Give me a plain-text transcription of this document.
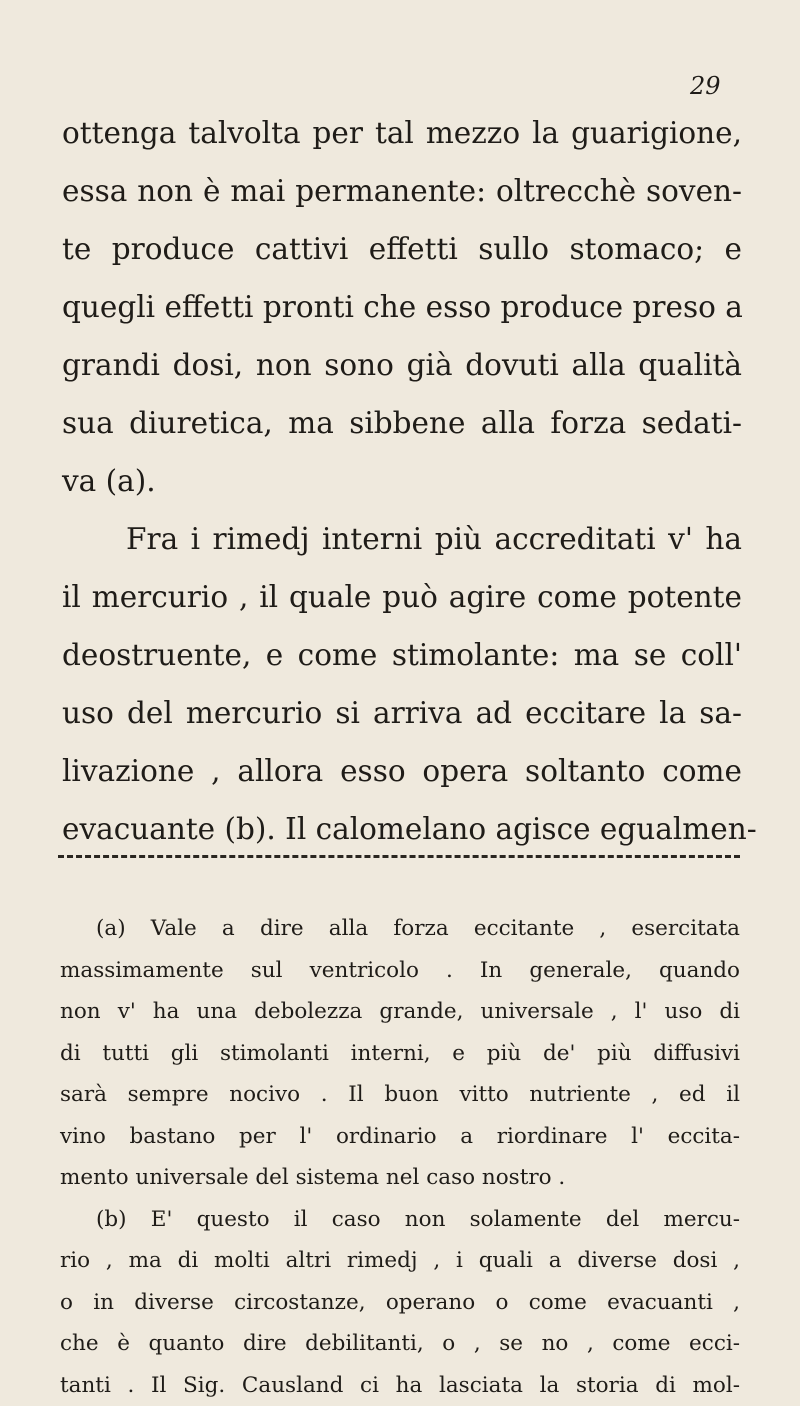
29

ottenga talvolta per tal mezzo la guarigione,
essa non è mai permanente: oltrecchè soven-
te produce cattivi effetti sullo stomaco; e
quegli effetti pronti che esso produce preso a
grandi dosi, non sono già dovuti alla qualità
sua diuretica, ma sibbene alla forza sedati-
va (a).
Fra i rimedj interni più accreditati v' ha
il mercurio , il quale può agire come potente
deostruente, e come stimolante: ma se coll'
uso del mercurio si arriva ad eccitare la sa-
livazione , allora esso opera soltanto come
evacuante (b). Il calomelano agisce egualmen-

(a) Vale a dire alla forza eccitante , esercitata
massimamente sul ventricolo . In generale, quando
non v' ha una debolezza grande, universale , l' uso di
di tutti gli stimolanti interni, e più de' più diffusivi
sarà sempre nocivo . Il buon vitto nutriente , ed il
vino bastano per l' ordinario a riordinare l' eccita-
mento universale del sistema nel caso nostro .
(b) E' questo il caso non solamente del mercu-
rio , ma di molti altri rimedj , i quali a diverse dosi ,
o in diverse circostanze, operano o come evacuanti ,
che è quanto dire debilitanti, o , se no , come ecci-
tanti . Il Sig. Causland ci ha lasciata la storia di mol-
